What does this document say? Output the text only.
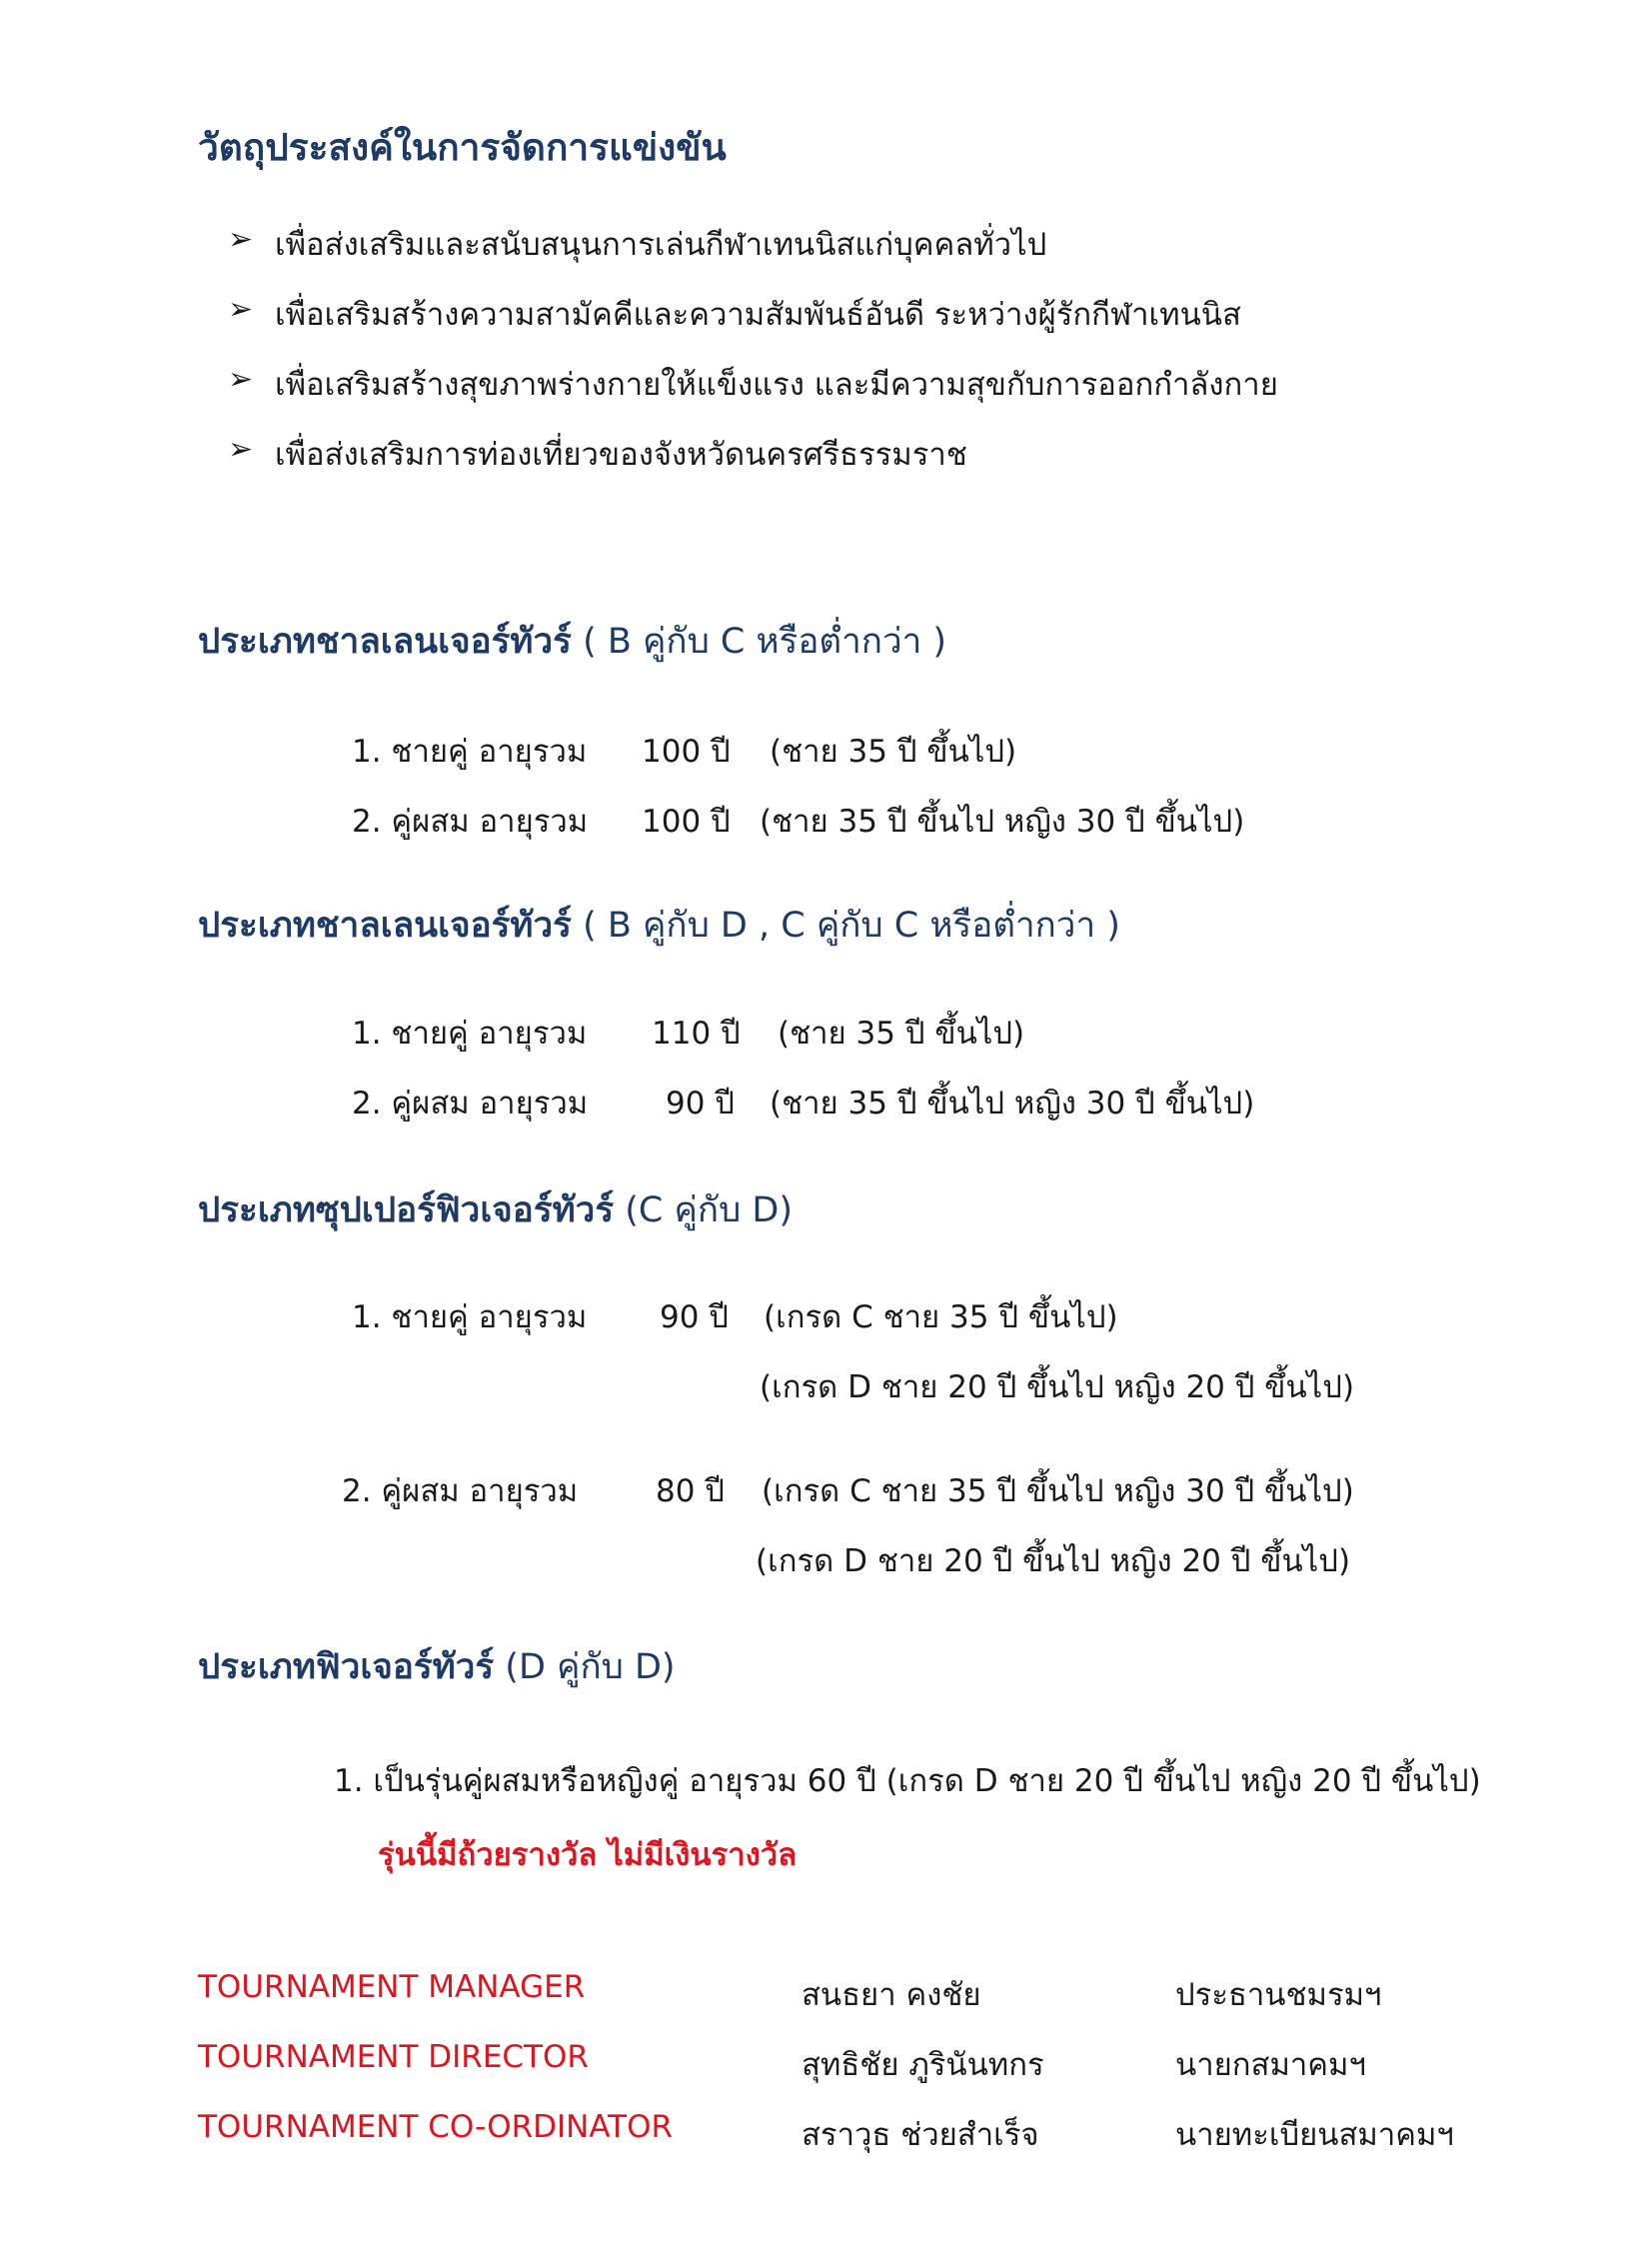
วัตถุประสงค์ในการจัดการแข่งขัน
➢ เพื่อส่งเสริมและสนับสนุนการเล่นกีฬาเทนนิสแก่บุคคลทั่วไป
➢ เพื่อเสริมสร้างความสามัคคีและความสัมพันธ์อันดี ระหว่างผู้รักกีฬาเทนนิส
➢ เพื่อเสริมสร้างสุขภาพร่างกายให้แข็งแรง และมีความสุขกับการออกกำลังกาย
➢ เพื่อส่งเสริมการท่องเที่ยวของจังหวัดนครศรีธรรมราช
ประเภทชาลเลนเจอร์ทัวร์ ( B คู่กับ C หรือต่ำกว่า )
1. ชายคู่ อายุรวม 100 ปี (ชาย 35 ปี ขึ้นไป)
2. คู่ผสม อายุรวม 100 ปี (ชาย 35 ปี ขึ้นไป หญิง 30 ปี ขึ้นไป)
ประเภทชาลเลนเจอร์ทัวร์ ( B คู่กับ D , C คู่กับ C หรือต่ำกว่า )
1. ชายคู่ อายุรวม 110 ปี (ชาย 35 ปี ขึ้นไป)
2. คู่ผสม อายุรวม	90 ปี (ชาย 35 ปี ขึ้นไป หญิง 30 ปี ขึ้นไป)
ประเภทซุปเปอร์ฟิวเจอร์ทัวร์ (C คู่กับ D)
1. ชายคู่ อายุรวม 90 ปี (เกรด C ชาย 35 ปี ขึ้นไป)
(เกรด D ชาย 20 ปี ขึ้นไป หญิง 20 ปี ขึ้นไป)
2. คู่ผสม อายุรวม	80 ปี (เกรด C ชาย 35 ปี ขึ้นไป หญิง 30 ปี ขึ้นไป)
(เกรด D ชาย 20 ปี ขึ้นไป หญิง 20 ปี ขึ้นไป)
ประเภทฟิวเจอร์ทัวร์ (D คู่กับ D)
1. เป็นรุ่นคู่ผสมหรือหญิงคู่ อายุรวม 60 ปี (เกรด D ชาย 20 ปี ขึ้นไป หญิง 20 ปี ขึ้นไป)
รุ่นนี้มีถ้วยรางวัล ไม่มีเงินรางวัล
TOURNAMENT MANAGER	สนธยา คงชัย	ประธานชมรมฯ
TOURNAMENT DIRECTOR	สุทธิชัย ภูรินันทกร	นายกสมาคมฯ
TOURNAMENT CO-ORDINATOR	สราวุธ ช่วยสำเร็จ	นายทะเบียนสมาคมฯ
